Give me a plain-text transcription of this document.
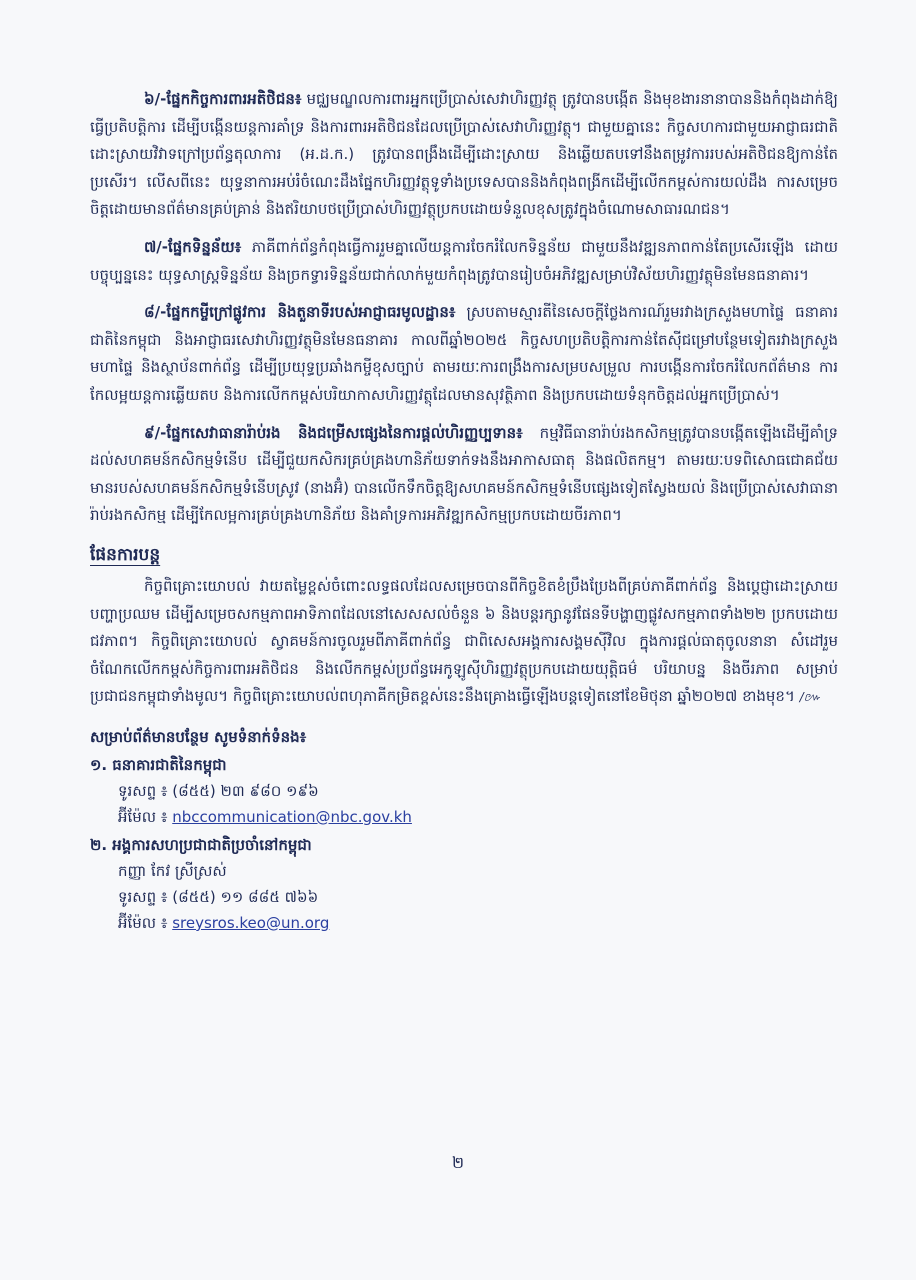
៦/-ផ្នែកកិច្ចការពារអតិថិជន៖ មជ្ឈមណ្ឌលការពារអ្នកប្រើប្រាស់សេវាហិរញ្ញវត្ថុ ត្រូវបានបង្កើត និងមុខងារនានាបាននិងកំពុងដាក់ឱ្យធ្វើប្រតិបត្តិការ ដើម្បីបង្កើនយន្តការគាំទ្រ និងការពារអតិថិជនដែលប្រើប្រាស់សេវាហិរញ្ញវត្ថុ។ ជាមួយគ្នានេះ កិច្ចសហការជាមួយអាជ្ញាធរជាតិដោះស្រាយវិវាទក្រៅប្រព័ន្ធតុលាការ (អ.ដ.ក.) ត្រូវបានពង្រឹងដើម្បីដោះស្រាយ និងឆ្លើយតបទៅនឹងតម្រូវការរបស់អតិថិជនឱ្យកាន់តែប្រសើរ។ លើសពីនេះ យុទ្ធនាការអប់រំចំណេះដឹងផ្នែកហិរញ្ញវត្ថុទូទាំងប្រទេសបាននិងកំពុងពង្រីកដើម្បីលើកកម្ពស់ការយល់ដឹង ការសម្រេចចិត្តដោយមានព័ត៌មានគ្រប់គ្រាន់ និងឥរិយាបថប្រើប្រាស់ហិរញ្ញវត្ថុប្រកបដោយទំនួលខុសត្រូវក្នុងចំណោមសាធារណជន។

៧/-ផ្នែកទិន្នន័យ៖ ភាគីពាក់ព័ន្ធកំពុងធ្វើការរួមគ្នាលើយន្តការចែករំលែកទិន្នន័យ ជាមួយនឹងវឌ្ឍនភាពកាន់តែប្រសើរឡើង ដោយបច្ចុប្បន្ននេះ យុទ្ធសាស្ត្រទិន្នន័យ និងច្រកទ្វារទិន្នន័យជាក់លាក់មួយកំពុងត្រូវបានរៀបចំអភិវឌ្ឍសម្រាប់វិស័យហិរញ្ញវត្ថុមិនមែនធនាគារ។

៨/-ផ្នែកកម្ចីក្រៅផ្លូវការ និងតួនាទីរបស់អាជ្ញាធរមូលដ្ឋាន៖ ស្របតាមស្មារតីនៃសេចក្តីថ្លែងការណ៍រួមរវាងក្រសួងមហាផ្ទៃ ធនាគារជាតិនៃកម្ពុជា និងអាជ្ញាធរសេវាហិរញ្ញវត្ថុមិនមែនធនាគារ កាលពីឆ្នាំ២០២៥ កិច្ចសហប្រតិបត្តិការកាន់តែស៊ីជម្រៅបន្ថែមទៀតរវាងក្រសួងមហាផ្ទៃ និងស្ថាប័នពាក់ព័ន្ធ ដើម្បីប្រយុទ្ធប្រឆាំងកម្ចីខុសច្បាប់ តាមរយៈការពង្រឹងការសម្របសម្រួល ការបង្កើនការចែករំលែកព័ត៌មាន ការកែលម្អយន្តការឆ្លើយតប និងការលើកកម្ពស់បរិយាកាសហិរញ្ញវត្ថុដែលមានសុវត្ថិភាព និងប្រកបដោយទំនុកចិត្តដល់អ្នកប្រើប្រាស់។

៩/-ផ្នែកសេវាធានារ៉ាប់រង និងជម្រើសផ្សេងនៃការផ្តល់ហិរញ្ញប្បទាន៖ កម្មវិធីធានារ៉ាប់រងកសិកម្មត្រូវបានបង្កើតឡើងដើម្បីគាំទ្រដល់សហគមន៍កសិកម្មទំនើប ដើម្បីជួយកសិករគ្រប់គ្រងហានិភ័យទាក់ទងនឹងអាកាសធាតុ និងផលិតកម្ម។ តាមរយៈបទពិសោធជោគជ័យមានរបស់សហគមន៍កសិកម្មទំនើបស្រូវ (នាងអ៊ំ) បានលើកទឹកចិត្តឱ្យសហគមន៍កសិកម្មទំនើបផ្សេងទៀតស្វែងយល់ និងប្រើប្រាស់សេវាធានារ៉ាប់រងកសិកម្ម ដើម្បីកែលម្អការគ្រប់គ្រងហានិភ័យ និងគាំទ្រការអភិវឌ្ឍកសិកម្មប្រកបដោយចីរភាព។

ផែនការបន្ត

កិច្ចពិគ្រោះយោបល់ វាយតម្លៃខ្ពស់ចំពោះលទ្ធផលដែលសម្រេចបានពីកិច្ចខិតខំប្រឹងប្រែងពីគ្រប់ភាគីពាក់ព័ន្ធ និងប្តេជ្ញាដោះស្រាយបញ្ហាប្រឈម ដើម្បីសម្រេចសកម្មភាពអាទិភាពដែលនៅសេសសល់ចំនួន ៦ និងបន្តរក្សានូវផែនទីបង្ហាញផ្លូវសកម្មភាពទាំង២២ ប្រកបដោយជវភាព។ កិច្ចពិគ្រោះយោបល់ ស្វាគមន៍ការចូលរួមពីភាគីពាក់ព័ន្ធ ជាពិសេសអង្គការសង្គមស៊ីវិល ក្នុងការផ្តល់ធាតុចូលនានា សំដៅរួមចំណែកលើកកម្ពស់កិច្ចការពារអតិថិជន និងលើកកម្ពស់ប្រព័ន្ធអេកូឡូស៊ីហិរញ្ញវត្ថុប្រកបដោយយុត្តិធម៌ បរិយាបន្ន និងចីរភាព សម្រាប់ប្រជាជនកម្ពុជាទាំងមូល។ កិច្ចពិគ្រោះយោបល់ពហុភាគីកម្រិតខ្ពស់នេះនឹងគ្រោងធ្វើឡើងបន្តទៀតនៅខែមិថុនា ឆ្នាំ២០២៧ ខាងមុខ។ /៚

សម្រាប់ព័ត៌មានបន្ថែម សូមទំនាក់ទំនង៖
១. ធនាគារជាតិនៃកម្ពុជា
ទូរសព្ទ ៖ (៨៥៥) ២៣ ៩៨០ ១៩៦
អ៊ីម៉ែល ៖ nbccommunication@nbc.gov.kh
២. អង្គការសហប្រជាជាតិប្រចាំនៅកម្ពុជា
កញ្ញា កែវ ស្រីស្រស់
ទូរសព្ទ ៖ (៨៥៥) ១១ ៨៨៥ ៧៦៦
អ៊ីម៉ែល ៖ sreysros.keo@un.org
២
